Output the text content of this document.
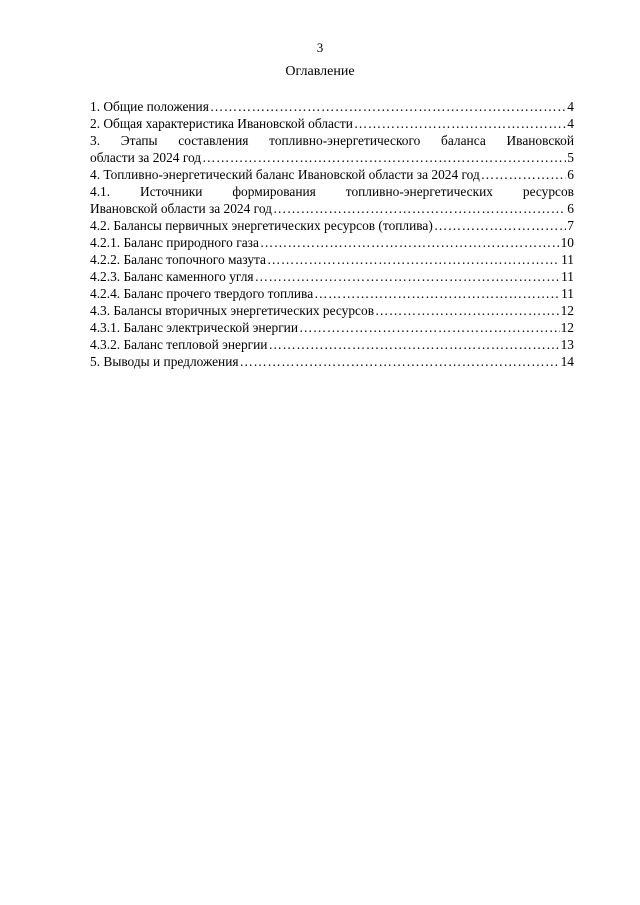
3
Оглавление
1. Общие положения …………………………………………………………………………………………………………………………………………………………………………………………………………	4
2. Общая характеристика Ивановской области …………………………………………………………………………………………………………………………………………………………………………………………………………	4
3. Этапы составления топливно-энергетического баланса Ивановской
области за 2024 год …………………………………………………………………………………………………………………………………………………………………………………………………………	5
4. Топливно-энергетический баланс Ивановской области за 2024 год …………………………………………………………………………………………………………………………………………………………………………………………………………	6
4.1. Источники формирования топливно-энергетических ресурсов
Ивановской области за 2024 год …………………………………………………………………………………………………………………………………………………………………………………………………………	6
4.2. Балансы первичных энергетических ресурсов (топлива) …………………………………………………………………………………………………………………………………………………………………………………………………………	7
4.2.1. Баланс природного газа …………………………………………………………………………………………………………………………………………………………………………………………………………	10
4.2.2. Баланс топочного мазута …………………………………………………………………………………………………………………………………………………………………………………………………………	11
4.2.3. Баланс каменного угля …………………………………………………………………………………………………………………………………………………………………………………………………………	11
4.2.4. Баланс прочего твердого топлива …………………………………………………………………………………………………………………………………………………………………………………………………………	11
4.3. Балансы вторичных энергетических ресурсов …………………………………………………………………………………………………………………………………………………………………………………………………………	12
4.3.1. Баланс электрической энергии …………………………………………………………………………………………………………………………………………………………………………………………………………	12
4.3.2. Баланс тепловой энергии …………………………………………………………………………………………………………………………………………………………………………………………………………	13
5. Выводы и предложения …………………………………………………………………………………………………………………………………………………………………………………………………………	14
